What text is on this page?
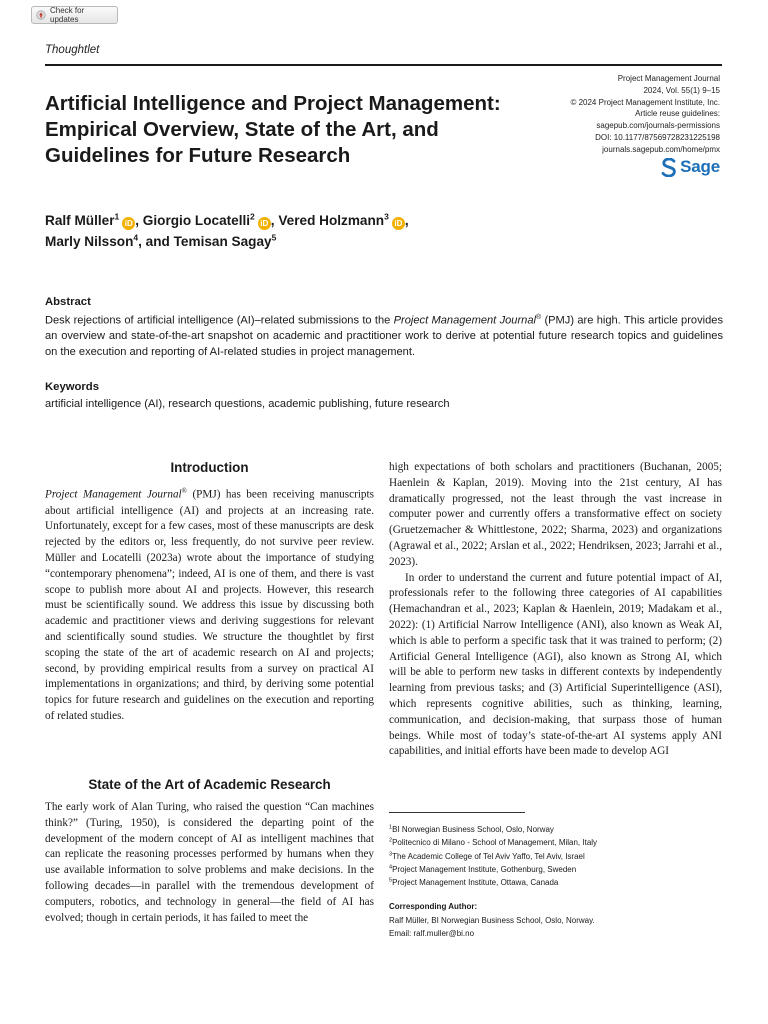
Check for updates
Thoughtlet
Artificial Intelligence and Project Management: Empirical Overview, State of the Art, and Guidelines for Future Research
Project Management Journal
2024, Vol. 55(1) 9–15
© 2024 Project Management Institute, Inc.
Article reuse guidelines:
sagepub.com/journals-permissions
DOI: 10.1177/87569728231225198
journals.sagepub.com/home/pmx
Sage
Ralf Müller$^1$iD , Giorgio Locatelli$^2$iD , Vered Holzmann$^3$iD ,
Marly Nilsson$^4$, and Temisan Sagay$^5$
Abstract
Desk rejections of artificial intelligence (AI)–related submissions to the Project Management Journal® (PMJ) are high. This article provides an overview and state-of-the-art snapshot on academic and practitioner work to derive at potential future research topics and guidelines on the execution and reporting of AI-related studies in project management.
Keywords
artificial intelligence (AI), research questions, academic publishing, future research
Introduction

Project Management Journal® (PMJ) has been receiving manuscripts about artificial intelligence (AI) and projects at an increasing rate. Unfortunately, except for a few cases, most of these manuscripts are desk rejected by the editors or, less frequently, do not survive peer review. Müller and Locatelli (2023a) wrote about the importance of studying “contemporary phenomena”; indeed, AI is one of them, and there is vast scope to publish more about AI and projects. However, this research must be scientifically sound. We address this issue by discussing both academic and practitioner views and deriving suggestions for relevant and scientifically sound studies. We structure the thoughtlet by first scoping the state of the art of academic research on AI and projects; second, by providing empirical results from a survey on practical AI implementations in organizations; and third, by deriving some potential topics for future research and guidelines on the execution and reporting of related studies.

State of the Art of Academic Research

The early work of Alan Turing, who raised the question “Can machines think?” (Turing, 1950), is considered the departing point of the development of the modern concept of AI as intelligent machines that can replicate the reasoning processes performed by humans when they use available information to solve problems and make decisions. In the following decades—in parallel with the tremendous development of computers, robotics, and technology in general—the field of AI has evolved; though in certain periods, it has failed to meet the

high expectations of both scholars and practitioners (Buchanan, 2005; Haenlein & Kaplan, 2019). Moving into the 21st century, AI has dramatically progressed, not the least through the vast increase in computer power and currently offers a transformative effect on society (Gruetzemacher & Whittlestone, 2022; Sharma, 2023) and organizations (Agrawal et al., 2022; Arslan et al., 2022; Hendriksen, 2023; Jarrahi et al., 2023).

In order to understand the current and future potential impact of AI, professionals refer to the following three categories of AI capabilities (Hemachandran et al., 2023; Kaplan & Haenlein, 2019; Madakam et al., 2022): (1) Artificial Narrow Intelligence (ANI), also known as Weak AI, which is able to perform a specific task that it was trained to perform; (2) Artificial General Intelligence (AGI), also known as Strong AI, which will be able to perform new tasks in different contexts by independently learning from previous tasks; and (3) Artificial Superintelligence (ASI), which represents cognitive abilities, such as thinking, learning, communication, and decision-making, that surpass those of human beings. While most of today’s state-of-the-art AI systems apply ANI capabilities, and initial efforts have been made to develop AGI

$^1$BI Norwegian Business School, Oslo, Norway
$^2$Politecnico di Milano - School of Management, Milan, Italy
$^3$The Academic College of Tel Aviv Yaffo, Tel Aviv, Israel
$^4$Project Management Institute, Gothenburg, Sweden
$^5$Project Management Institute, Ottawa, Canada
Corresponding Author:
Ralf Müller, BI Norwegian Business School, Oslo, Norway.
Email: ralf.muller@bi.no
